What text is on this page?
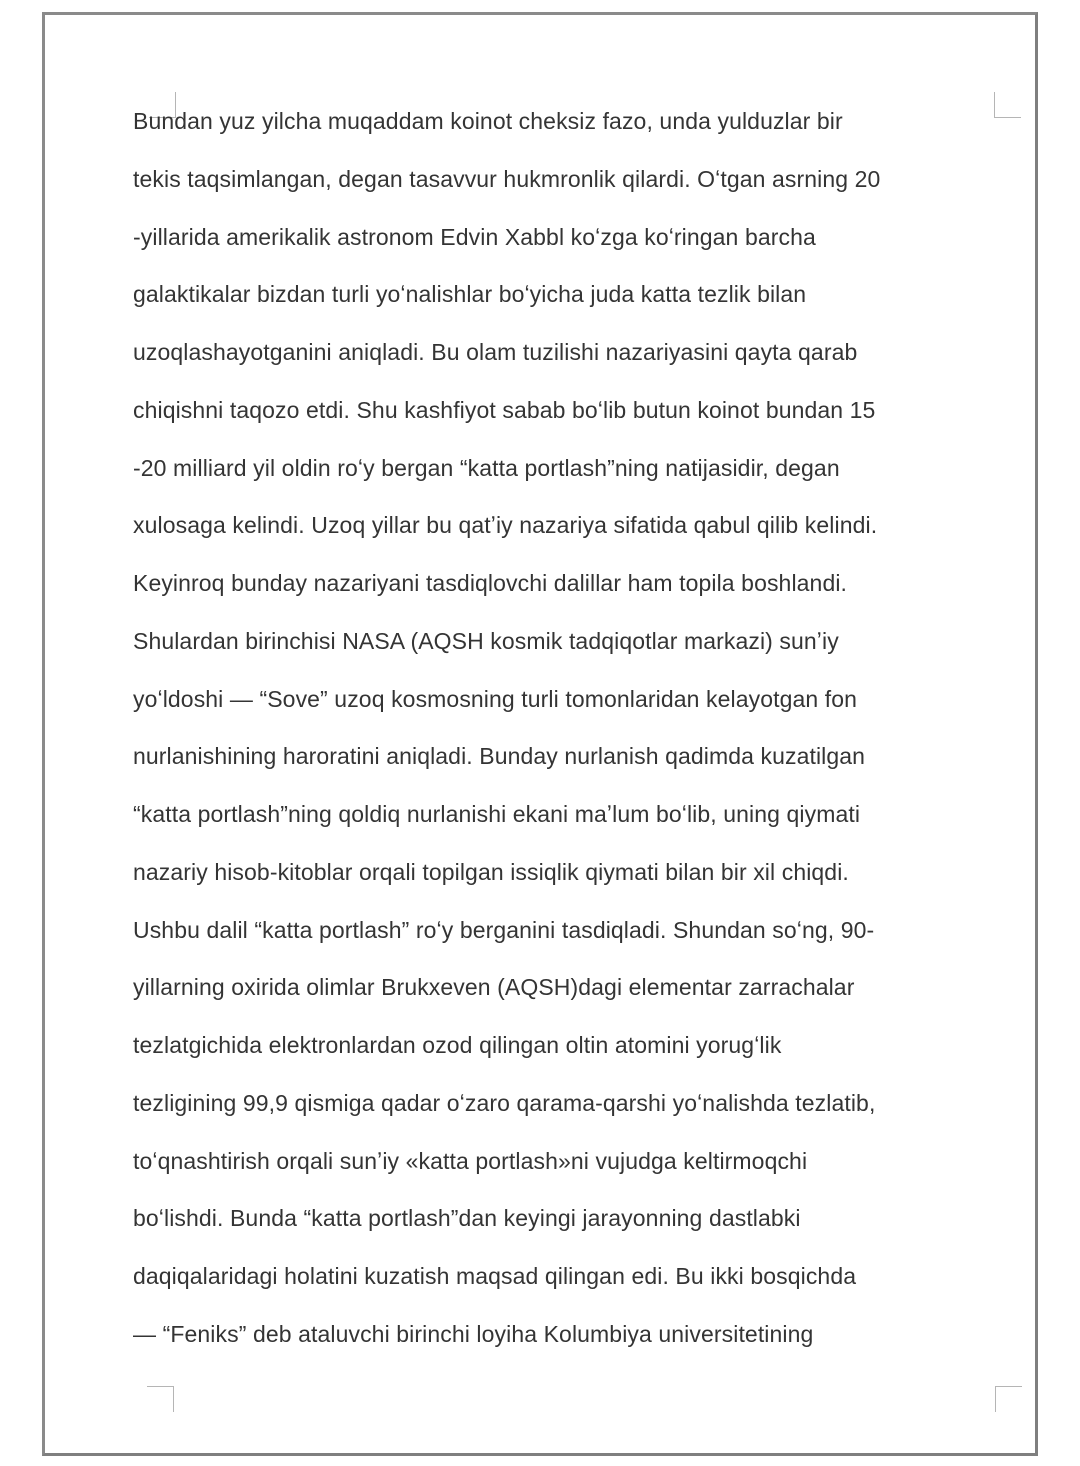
Bundan yuz yilcha muqaddam koinot cheksiz fazo, unda yulduzlar bir
tekis taqsimlangan, degan tasavvur hukmronlik qilardi. Oʻtgan asrning 20
-yillarida amerikalik astronom Edvin Xabbl koʻzga koʻringan barcha
galaktikalar bizdan turli yoʻnalishlar boʻyicha juda katta tezlik bilan
uzoqlashayotganini aniqladi. Bu olam tuzilishi nazariyasini qayta qarab
chiqishni taqozo etdi. Shu kashfiyot sabab boʻlib butun koinot bundan 15
-20 milliard yil oldin roʻy bergan “katta portlash”ning natijasidir, degan
xulosaga kelindi. Uzoq yillar bu qatʼiy nazariya sifatida qabul qilib kelindi.
Keyinroq bunday nazariyani tasdiqlovchi dalillar ham topila boshlandi.
Shulardan birinchisi NASA (AQSH kosmik tadqiqotlar markazi) sunʼiy
yoʻldoshi — “Sove” uzoq kosmosning turli tomonlaridan kelayotgan fon
nurlanishining haroratini aniqladi. Bunday nurlanish qadimda kuzatilgan
“katta portlash”ning qoldiq nurlanishi ekani maʼlum boʻlib, uning qiymati
nazariy hisob-kitoblar orqali topilgan issiqlik qiymati bilan bir xil chiqdi.
Ushbu dalil “katta portlash” roʻy berganini tasdiqladi. Shundan soʻng, 90-
yillarning oxirida olimlar Brukxeven (AQSH)dagi elementar zarrachalar
tezlatgichida elektronlardan ozod qilingan oltin atomini yorugʻlik
tezligining 99,9 qismiga qadar oʻzaro qarama-qarshi yoʻnalishda tezlatib,
toʻqnashtirish orqali sunʼiy «katta portlash»ni vujudga keltirmoqchi
boʻlishdi. Bunda “katta portlash”dan keyingi jarayonning dastlabki
daqiqalaridagi holatini kuzatish maqsad qilingan edi. Bu ikki bosqichda
— “Feniks” deb ataluvchi birinchi loyiha Kolumbiya universitetining
